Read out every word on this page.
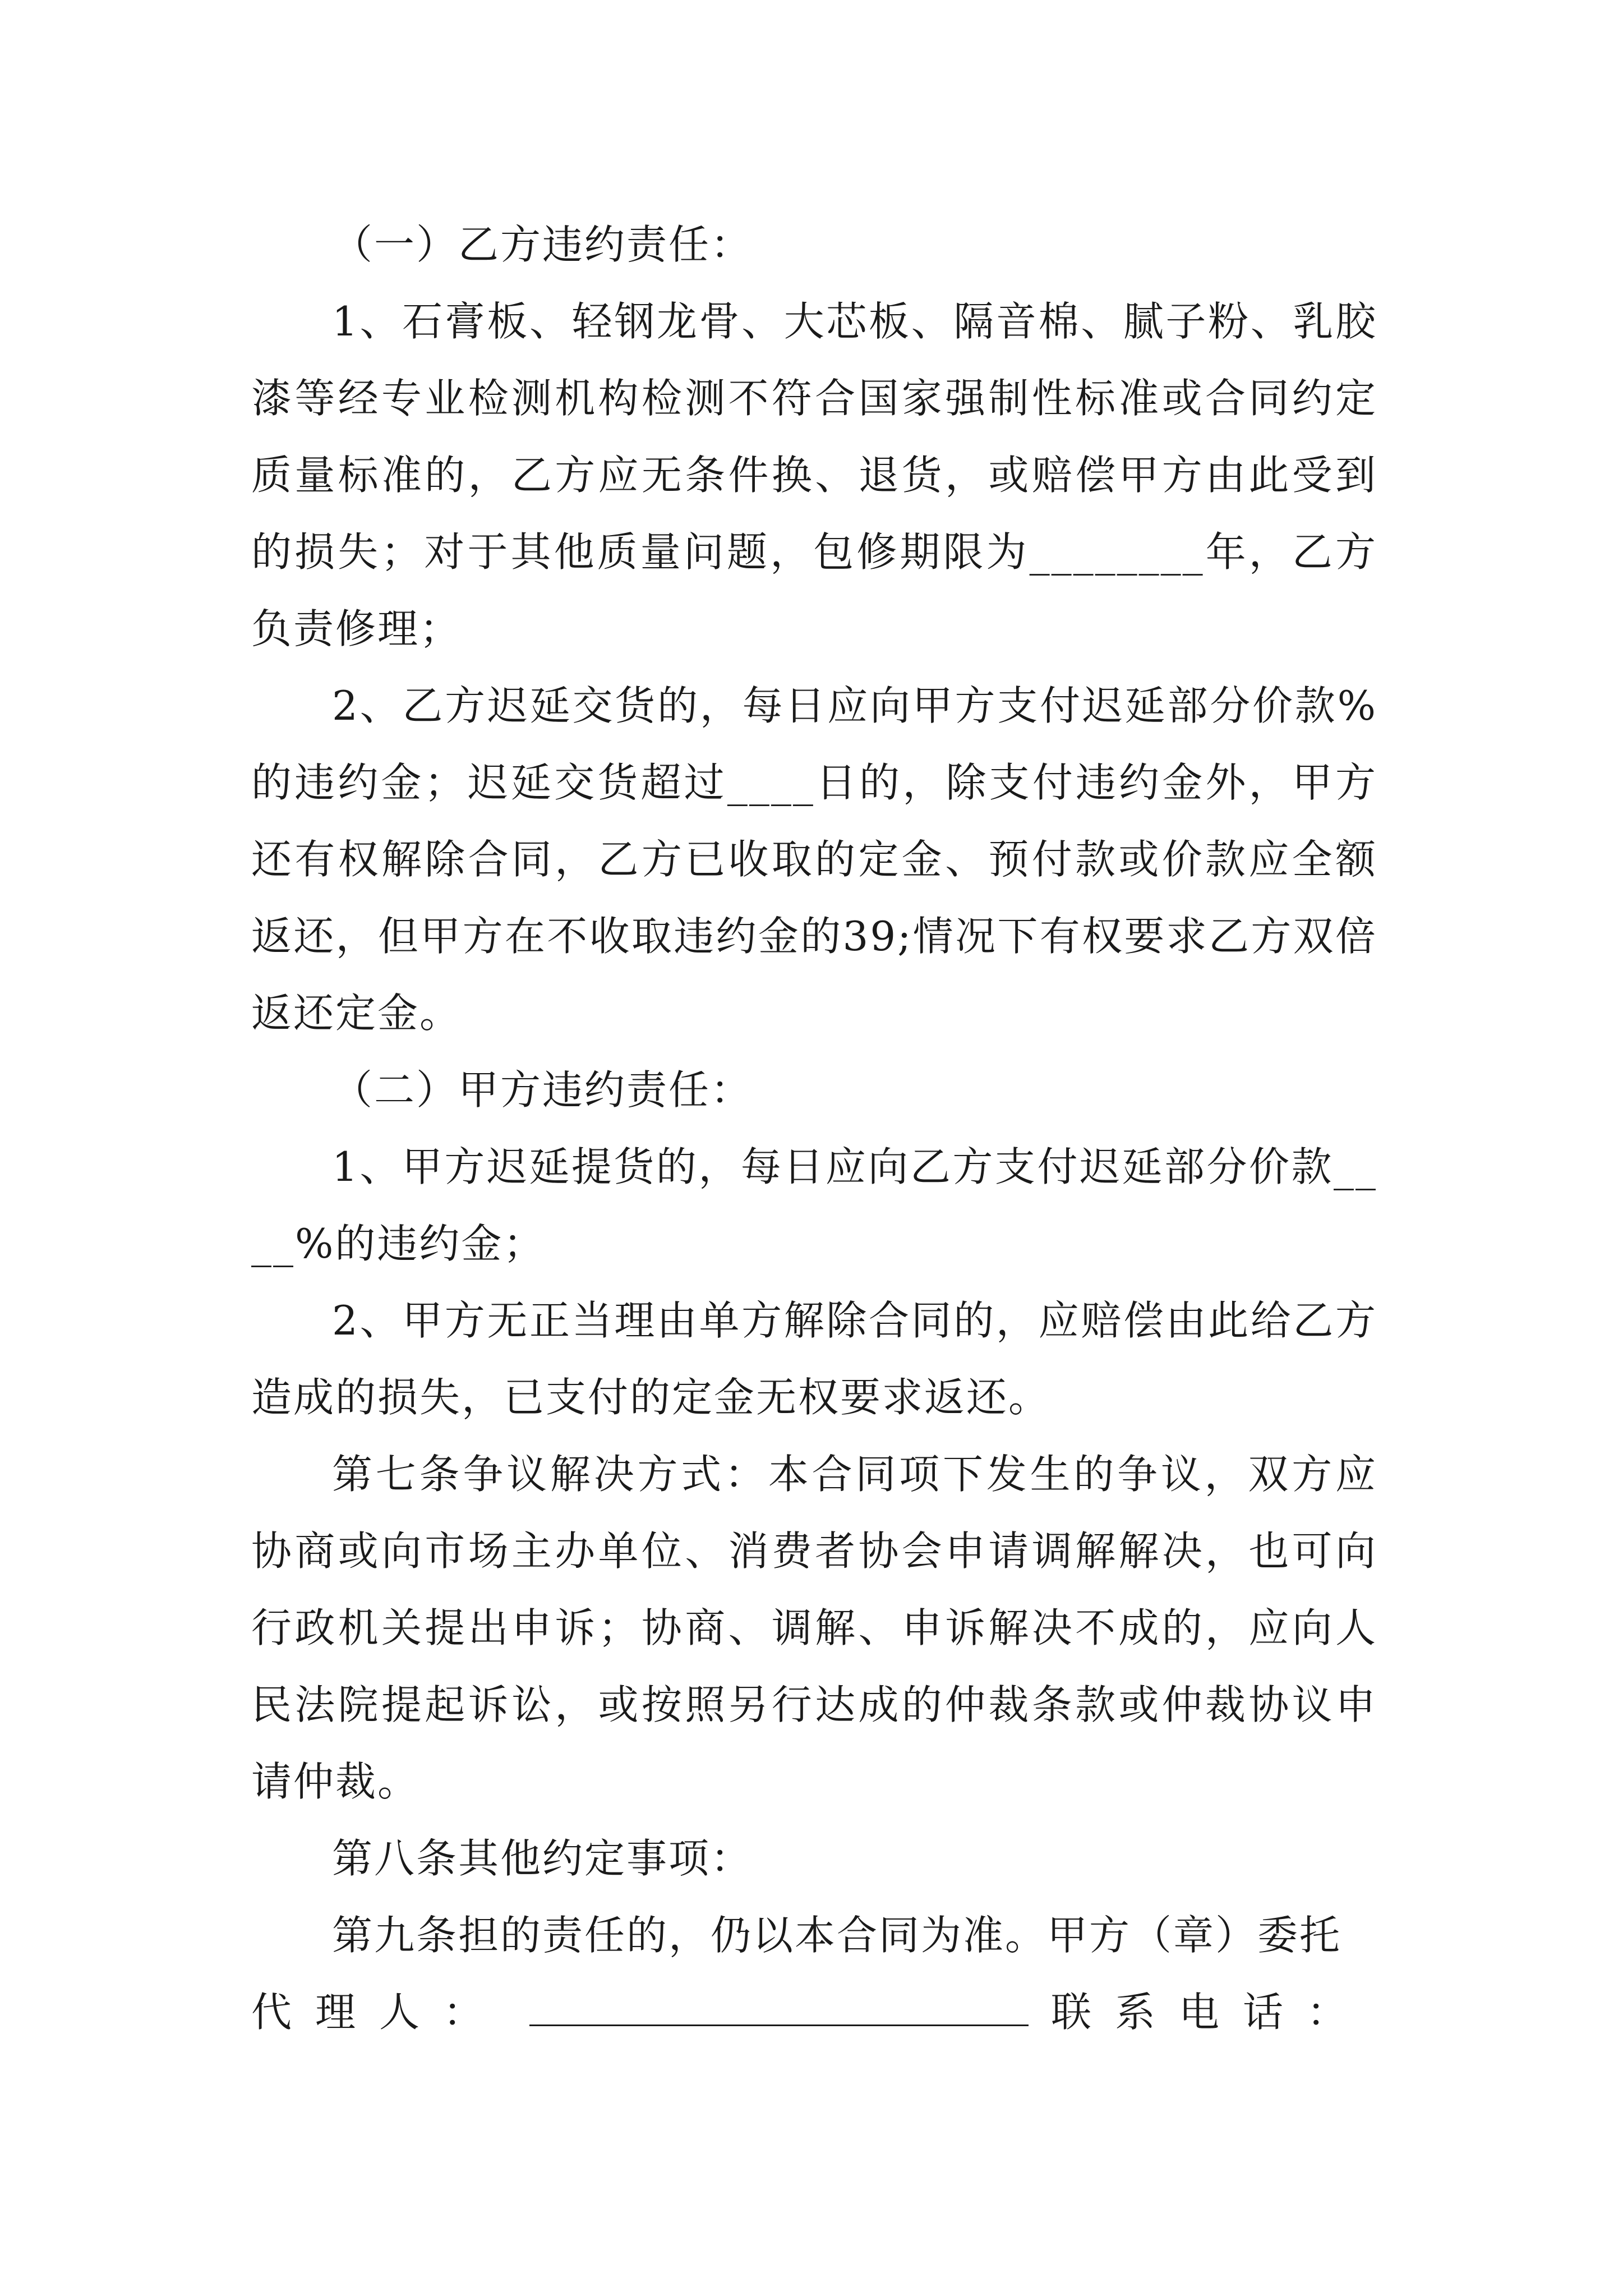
（一）乙方违约责任：

1、石膏板、轻钢龙骨、大芯板、隔音棉、腻子粉、乳胶漆等经专业检测机构检测不符合国家强制性标准或合同约定质量标准的，乙方应无条件换、退货，或赔偿甲方由此受到的损失；对于其他质量问题，包修期限为________年，乙方负责修理；

2、乙方迟延交货的，每日应向甲方支付迟延部分价款%的违约金；迟延交货超过____日的，除支付违约金外，甲方还有权解除合同，乙方已收取的定金、预付款或价款应全额返还，但甲方在不收取违约金的39;情况下有权要求乙方双倍返还定金。

（二）甲方违约责任：

1、甲方迟延提货的，每日应向乙方支付迟延部分价款____%的违约金；

2、甲方无正当理由单方解除合同的，应赔偿由此给乙方造成的损失，已支付的定金无权要求返还。

第七条争议解决方式：本合同项下发生的争议，双方应协商或向市场主办单位、消费者协会申请调解解决，也可向行政机关提出申诉；协商、调解、申诉解决不成的，应向人民法院提起诉讼，或按照另行达成的仲裁条款或仲裁协议申请仲裁。

第八条其他约定事项：

第九条担的责任的，仍以本合同为准。甲方（章）委托

代理人：	联系电话：
